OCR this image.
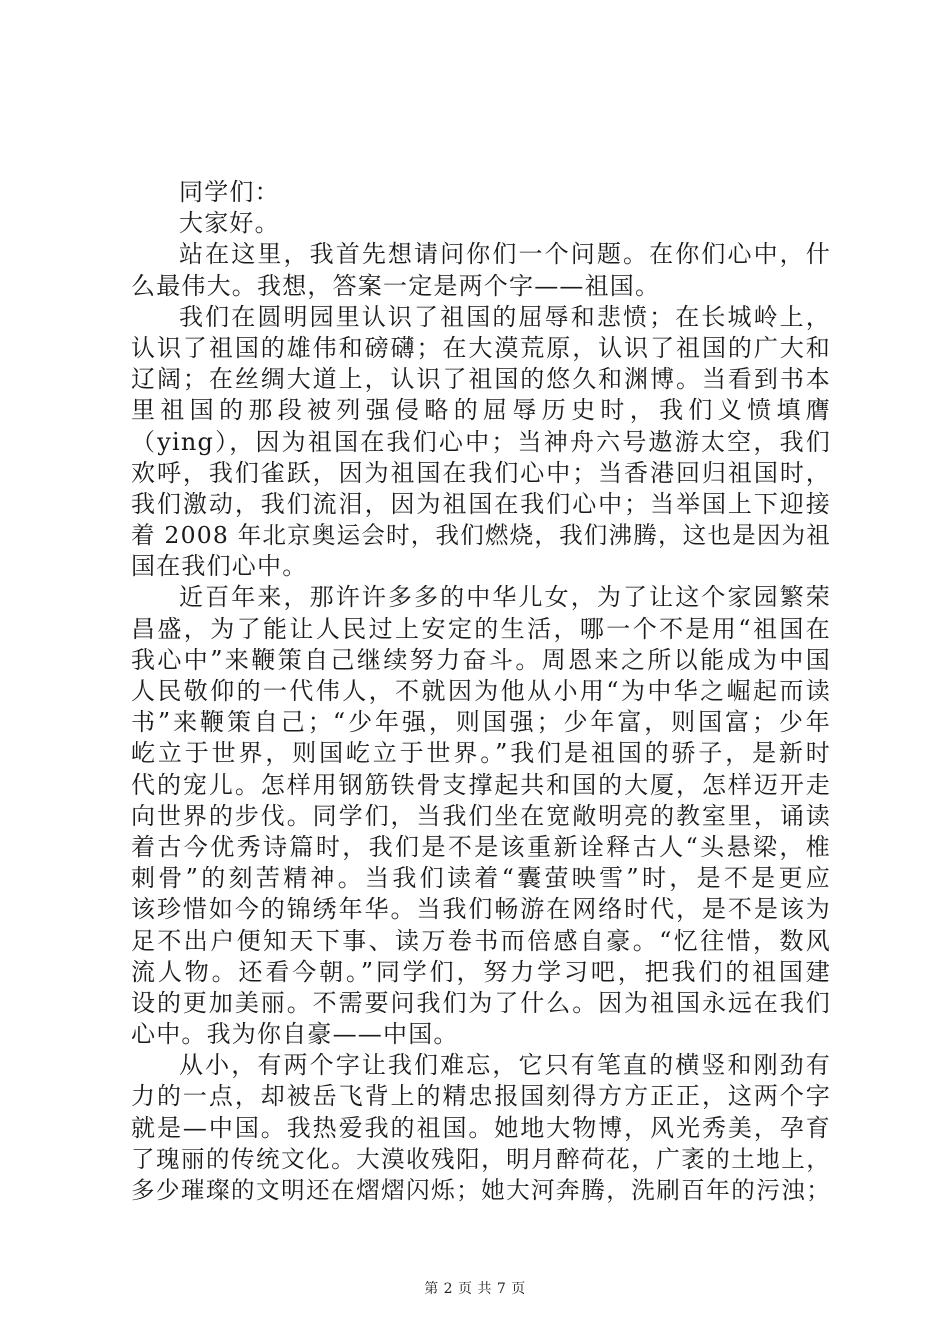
同学们：
大家好。
站在这里，我首先想请问你们一个问题。在你们心中，什
么最伟大。我想，答案一定是两个字——祖国。
我们在圆明园里认识了祖国的屈辱和悲愤；在长城岭上，
认识了祖国的雄伟和磅礴；在大漠荒原，认识了祖国的广大和
辽阔；在丝绸大道上，认识了祖国的悠久和渊博。当看到书本
里祖国的那段被列强侵略的屈辱历史时，我们义愤填膺
（ying），因为祖国在我们心中；当神舟六号遨游太空，我们
欢呼，我们雀跃，因为祖国在我们心中；当香港回归祖国时，
我们激动，我们流泪，因为祖国在我们心中；当举国上下迎接
着 2008 年北京奥运会时，我们燃烧，我们沸腾，这也是因为祖
国在我们心中。
近百年来，那许许多多的中华儿女，为了让这个家园繁荣
昌盛，为了能让人民过上安定的生活，哪一个不是用“祖国在
我心中”来鞭策自己继续努力奋斗。周恩来之所以能成为中国
人民敬仰的一代伟人，不就因为他从小用“为中华之崛起而读
书”来鞭策自己；“少年强，则国强；少年富，则国富；少年
屹立于世界，则国屹立于世界。”我们是祖国的骄子，是新时
代的宠儿。怎样用钢筋铁骨支撑起共和国的大厦，怎样迈开走
向世界的步伐。同学们，当我们坐在宽敞明亮的教室里，诵读
着古今优秀诗篇时，我们是不是该重新诠释古人“头悬梁，椎
刺骨”的刻苦精神。当我们读着“囊萤映雪”时，是不是更应
该珍惜如今的锦绣年华。当我们畅游在网络时代，是不是该为
足不出户便知天下事、读万卷书而倍感自豪。“忆往惜，数风
流人物。还看今朝。”同学们，努力学习吧，把我们的祖国建
设的更加美丽。不需要问我们为了什么。因为祖国永远在我们
心中。我为你自豪——中国。
从小，有两个字让我们难忘，它只有笔直的横竖和刚劲有
力的一点，却被岳飞背上的精忠报国刻得方方正正，这两个字
就是—中国。我热爱我的祖国。她地大物博，风光秀美，孕育
了瑰丽的传统文化。大漠收残阳，明月醉荷花，广袤的土地上，
多少璀璨的文明还在熠熠闪烁；她大河奔腾，洗刷百年的污浊；
第 2 页 共 7 页
